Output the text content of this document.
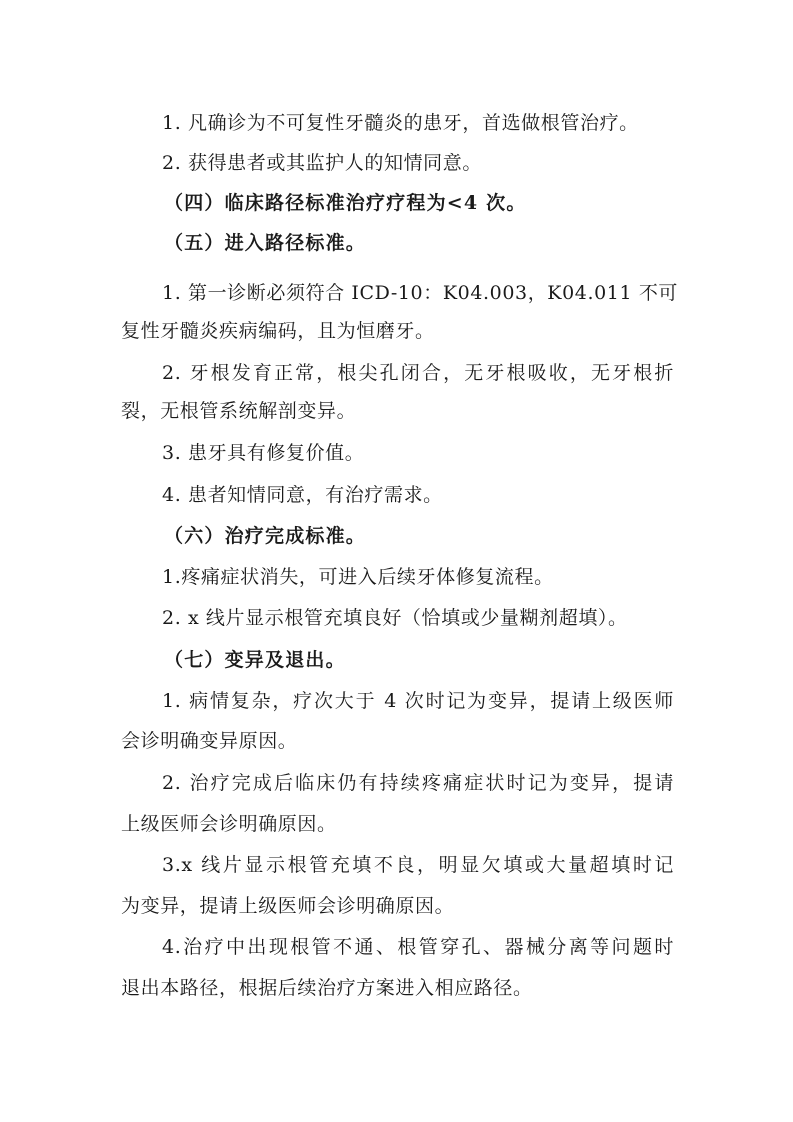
1. 凡确诊为不可复性牙髓炎的患牙，首选做根管治疗。
2. 获得患者或其监护人的知情同意。
（四）临床路径标准治疗疗程为<4 次。
（五）进入路径标准。
1. 第一诊断必须符合 ICD-10：K04.003，K04.011 不可
复性牙髓炎疾病编码，且为恒磨牙。
2. 牙根发育正常，根尖孔闭合，无牙根吸收，无牙根折
裂，无根管系统解剖变异。
3. 患牙具有修复价值。
4. 患者知情同意，有治疗需求。
（六）治疗完成标准。
1.疼痛症状消失，可进入后续牙体修复流程。
2. x 线片显示根管充填良好（恰填或少量糊剂超填）。
（七）变异及退出。
1. 病情复杂，疗次大于 4 次时记为变异，提请上级医师
会诊明确变异原因。
2. 治疗完成后临床仍有持续疼痛症状时记为变异，提请
上级医师会诊明确原因。
3.x 线片显示根管充填不良，明显欠填或大量超填时记
为变异，提请上级医师会诊明确原因。
4.治疗中出现根管不通、根管穿孔、器械分离等问题时
退出本路径，根据后续治疗方案进入相应路径。
